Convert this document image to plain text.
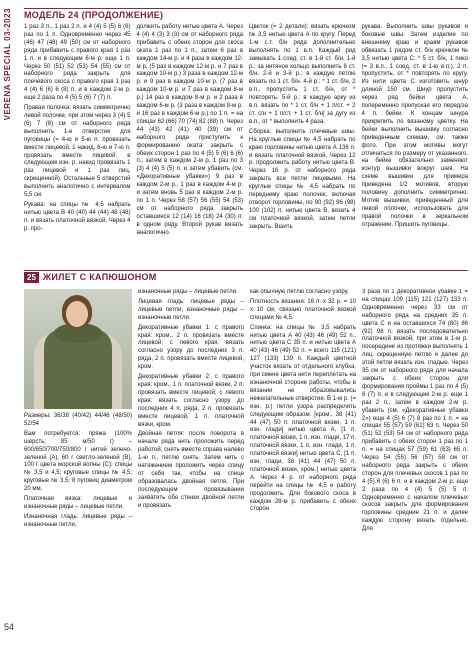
VERENA SPECIAL 03-2023
54
МОДЕЛЬ 24 (ПРОДОЛЖЕНИЕ)

1 раз 3 п., 1 раз 2 п. и 4 (4) 5 (5) 6 (6) раз по 1 п. Одновременно через 45 (46) 47 (48) 49 (50) см от наборного ряда прибавить с правого края 1 раз 1 п. и в следующем 6-м р. еще 1 п. Через 50 (51) 52 (53) 54 (55) см от наборного ряда закрыть для плечевого скоса с правого края 1 раз 4 (4) 6 (6) 6 (8) п. и в каждом 2-м р. еще 2 раза по 4 (5) 5 (6) 7 (7) п.

Правая полочка: вязать симметрично левой полочке, при этом через 3 (4) 5 (6) 7 (8) см от наборного ряда выполнить 1-е отверстие для пуговицы (= 4-ю и 5-ю п. провязать вместе лицевой, 1 накид, 6-ю и 7-ю п. провязать вместе лицевой; в следующем изн. р. накид провязать 1 раз лицевой и 1 раз лиц. скрещенной). Остальные 5 отверстий выполнить аналогично с интервалом 5,5 см.

Рукава: на спицы № 4,5 набрать нитью цвета В 40 (40) 44 (44) 48 (48) п. и вязать платочной вязкой. Через 4 р. про-

должить работу нитью цвета А. Через 4 (4) 4 (3) 3 (3) см от наборного ряда прибавить с обеих сторон для скоса оката 1 раз по 1 п., затем 6 раз в каждом 14-м р. и 4 раза в каждом 12-м р. (5 раз в каждом 12-м р. и 7 раз в каждом 10-м р.) 3 раза в каждом 12-м р. и 9 раз в каждом 10-м р. (7 раз в каждом 10-м р. и 7 раз в каждом 8-м р.) 14 раз в каждом 8-м р. и 2 раза в каждом 6-м р. (3 раза в каждом 8-м р. и 16 раз в каждом 6-м р.) по 1 п. = на спицах 62 (66) 70 (74) 82 (88) п. Через 44 (43) 42 (41) 40 (39) см от наборного ряда приступить к формированию оката: закрыть с обеих сторон 1 раз по 4 (5) 5 (6) 6 (6) п., затем в каждом 2-м р. 1 раз по 3 (3) 4 (4) 5 (5) п. и затем убавить (см. «Декоративные убавки») 9 раз в каждом 2-м р., 1 раз в каждом 4-м р. и затем вновь 5 раз в каждом 2-м р. по 1 п. Через 58 (57) 56 (55) 54 (53) см от наборного ряда закрыть оставшиеся 12 (14) 16 (18) 24 (30) п. в одном ряду. Второй рукав вязать аналогично.

Цветок (= 2 детали): вязать крючком № 3,5 нитью цвета А по кругу. Перед 1-м с.т. б/н ряда дополнительно выполнять по 1 в.п. Каждый ряд замыкать 1 соед. ст. в 1-й ст. б/н. 1-й р.: за нитяное кольцо выполнить 8 ст. б/н. 2-й и 3-й р.: в каждую петлю вязать по 1 ст. б/н. 4-й р.: * 1 ст. б/н, 2 в.п., пропустить 1 ст. б/н, от * повторять. 5-й р.: в каждую арку из в.п. вязать по * 1 ст. б/н + 1 п/ст. + 2 ст. с/н + 1 п/ст. + 1 ст. б/н] за дугу из в.п., от * выполнить 4 раза.

Сборка: выполнить плечевые швы. На круглые спицы № 4,5 набрать по краю горловины нитью цвета А 136 п. и вязать платочной вязкой. Через 12 р. продолжить работу нитью цвета В. Через 16 р. от наборного ряда закрыть все петли лицевыми. На круглые спицы № 4,5 набрать по переднему краю полочек, включая отворот горловины, по 90 (92) 96 (98) 100 (102) п. нитью цвета В, вязать 4 см платочной вязкой, затем петли закрыть. Вшить

рукава. Выполнить швы рукавов и боковые швы. Затем изделие по внешнему краю и краям рукавов обвязать 1 рядом ст. б/н крючком № 3,5 нитью цвета С: * 5 ст. б/н, 1 пико (= 3 в.п., 1 соед. ст. в 1-ю в.п.), 2 п. пропустить, от * повторять по кругу. Из нити цвета С изготовить шнур длиной 150 см. Шнур пропустить через ряд бейки цвета А, попеременно пропуская его перед/за 4 п. бейки. К концам шнура прикрепить по вязаному цветку. На бейки выполнить вышивку согласно приведенным схемам, см. также фото. При этом мотивы могут отличаться по размеру от указанного, на бейке обязательно заменяют контур вышивки вокруг шея. На схеме вышивки для примера приведена 1/2 мотивов, вторую половину дополнить симметрично. Мотив вышивки, приведенный для левой полочки, использовать для правой полочки в зеркальном отражении. Пришить пуговицы.

25 ЖИЛЕТ С КАПЮШОНОМ

Размеры: 36/38 (40/42) 44/46 (48/50) 52/54

Вам потребуется: пряжа (100% шерсть; 85 м/50 г) – 600/650/700/750/800 г нитей зелено-зеленой (А), 60 г светло-зеленой (В), 100 г цвета морской волны (С); спицы № 3,5 и 4,5; круговые спицы № 4,5; круговые № 3,5; 8 пуговиц диаметром 20 мм.

Платочная вязка: лицевые и изнаночные ряды – лицевые петли.

Изнаночная гладь: лицевые ряды – изнаночные петли,

изнаночные ряды – лицевые петли.

Лицевая гладь: лицевые ряды – лицевые петли, изнаночные ряды – изнаночные петли.

Декоративные убавки 1: с правого края: кром., 2 п. провязать вместе лицевой; с левого края: вязать согласно узору до последних 3 п. ряда, 2 п. провязать вместе лицевой, кром.

Декоративные убавки 2: с правого края: кром., 1 п. платочной вязки, 2 п. провязать вместе лицевой; с левого края: вязать согласно узору до последних 4 п. ряда, 2 п. провязать вместе лицевой, 1 п. платочной вязки, кром.

Двойная петля: после поворота в начале ряда нить проложить перед работой, снять вместе справа налево 1-ю п., петлю снять. Затем нить с натяжением проложить через спицу от себя так, чтобы на спице образовалась двойная петля. При последующем провязывании захватить обе стенки двойной петли и провязать

как обычную петлю согласно узору.

Плотность вязания: 16 п. x 32 р. = 10 x 10 см, связано платочной вязкой спицами № 4,5.

Спинка: на спицы № 3,5 набрать нитью цвета А 40 (43) 46 (49) 52 п., нитью цвета С 35 п. и нитью цвета А 40 (43) 46 (49) 52 п. = всего 115 (121) 127 (133) 139 п. Каждый цветной участок вязать от отдельного клубка, при смене цвета нити переплетать на изнаночной стороне работы, чтобы в вязании не образовывались нежелательные отверстия. В 1-м р. (= изн. р.) петли узора распределить следующим образом: [кром., 38 (41) 44 (47) 50 п. платочной вязки, 1 п. изн. глади] нитью цвета А, [1 п. платочной вязки, 1 п. изн. глади, 17 п. платочной вязки, 1 п. изн. глади, 1 п. платочной вязки] нитью цвета С, [1 п. изн. глади, 38 (41) 44 (47) 50 п. платочной вязки, кром.] нитью цвета А. Через 4 р. от наборного ряда перейти на спицы № 4,5 и работу продолжить. Для бокового скоса в каждом 28-м р. прибавить с обеих сторон

3 раза по 1 декоративной убавке 1 = на спицах 109 (115) 121 (127) 133 п. Одновременно через 33 см от наборного ряда на средних 35 п. цвета С и на оставшихся 74 (80) 86 (92) 98 п. вязать последовательно платочной вязкой, при этом в 1-м р. посередине из протяжки выполнять 1 лиц. скрещенную петлю и далее до этой петли вязать изн. гладью. Через 35 см от наборного ряда для начала закрыть с обеих сторон для формирования проймы 1 раз по 4 (5) 6 (7) п. и в следующем 2-м р. еще 1 раз 2 п., затем в каждом 2-м р. убавить (см. «Декоративные убавки 2») еще 4 (5) 6 (7) 8 раз по 1 п. = на спицах 55 (57) 59 (61) 63 п. Через 50 (51) 52 (53) 54 см от наборного ряда прибавить с обеих сторон 1 раз по 1 п. = на спицах 57 (59) 61 (63) 65 п. Через 54 (55) 56 (57) 58 см от наборного ряда закрыть с обеих сторон для плечевых скосов 1 раз по 4 (5) 6 (6) 6 п. и в каждом 2-м р. еще 2 раза по 4 (4) 5 (5) 5 п. Одновременно с началом плечевых скосов закрыть для формирования горловины средние 21 п. и далее каждую сторону вязать отдельно. Для
